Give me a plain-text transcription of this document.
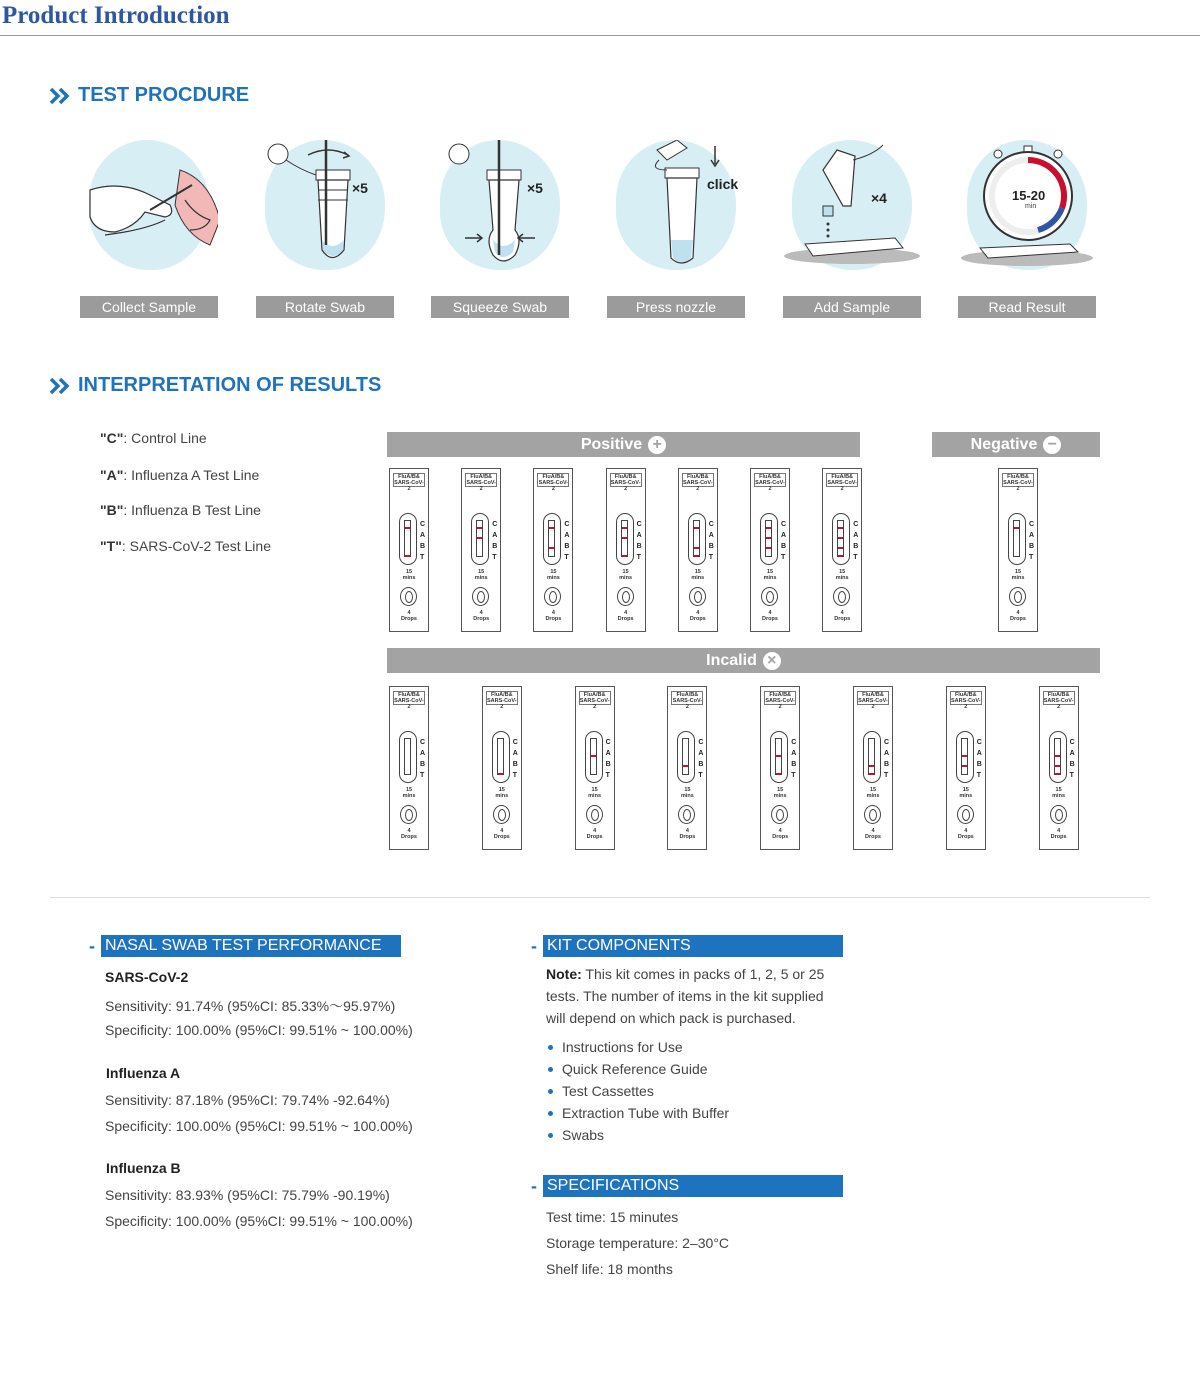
Product Introduction
TEST PROCDURE
Collect Sample
×5
Rotate Swab
×5
Squeeze Swab
click
Press nozzle
×4
Add Sample
15-20
min
Read Result
INTERPRETATION OF RESULTS
"C": Control Line
"A": Influenza A Test Line
"B": Influenza B Test Line
"T": SARS-CoV-2 Test Line
Positive +	Negative −
Incalid ×
FluA/B&
SARS-CoV-2
C
A
B
T
15
mins
4
Drops
FluA/B&
SARS-CoV-2
C
A
B
T
15
mins
4
Drops
FluA/B&
SARS-CoV-2
C
A
B
T
15
mins
4
Drops
FluA/B&
SARS-CoV-2
C
A
B
T
15
mins
4
Drops
FluA/B&
SARS-CoV-2
C
A
B
T
15
mins
4
Drops
FluA/B&
SARS-CoV-2
C
A
B
T
15
mins
4
Drops
FluA/B&
SARS-CoV-2
C
A
B
T
15
mins
4
Drops
FluA/B&
SARS-CoV-2
C
A
B
T
15
mins
4
Drops
FluA/B&
SARS-CoV-2
C
A
B
T
15
mins
4
Drops
FluA/B&
SARS-CoV-2
C
A
B
T
15
mins
4
Drops
FluA/B&
SARS-CoV-2
C
A
B
T
15
mins
4
Drops
FluA/B&
SARS-CoV-2
C
A
B
T
15
mins
4
Drops
FluA/B&
SARS-CoV-2
C
A
B
T
15
mins
4
Drops
FluA/B&
SARS-CoV-2
C
A
B
T
15
mins
4
Drops
FluA/B&
SARS-CoV-2
C
A
B
T
15
mins
4
Drops
FluA/B&
SARS-CoV-2
C
A
B
T
15
mins
4
Drops
- NASAL SWAB TEST PERFORMANCE
SARS-CoV-2
Sensitivity: 91.74% (95%CI: 85.33%〜95.97%)
Specificity: 100.00% (95%CI: 99.51% ~ 100.00%)
Influenza A
Sensitivity: 87.18% (95%CI: 79.74% -92.64%)
Specificity: 100.00% (95%CI: 99.51% ~ 100.00%)
Influenza B
Sensitivity: 83.93% (95%CI: 75.79% -90.19%)
Specificity: 100.00% (95%CI: 99.51% ~ 100.00%)
- KIT COMPONENTS
Note: This kit comes in packs of 1, 2, 5 or 25
tests. The number of items in the kit supplied
will depend on which pack is purchased.
Instructions for Use
Quick Reference Guide
Test Cassettes
Extraction Tube with Buffer
Swabs
- SPECIFICATIONS
Test time: 15 minutes
Storage temperature: 2–30°C
Shelf life: 18 months
